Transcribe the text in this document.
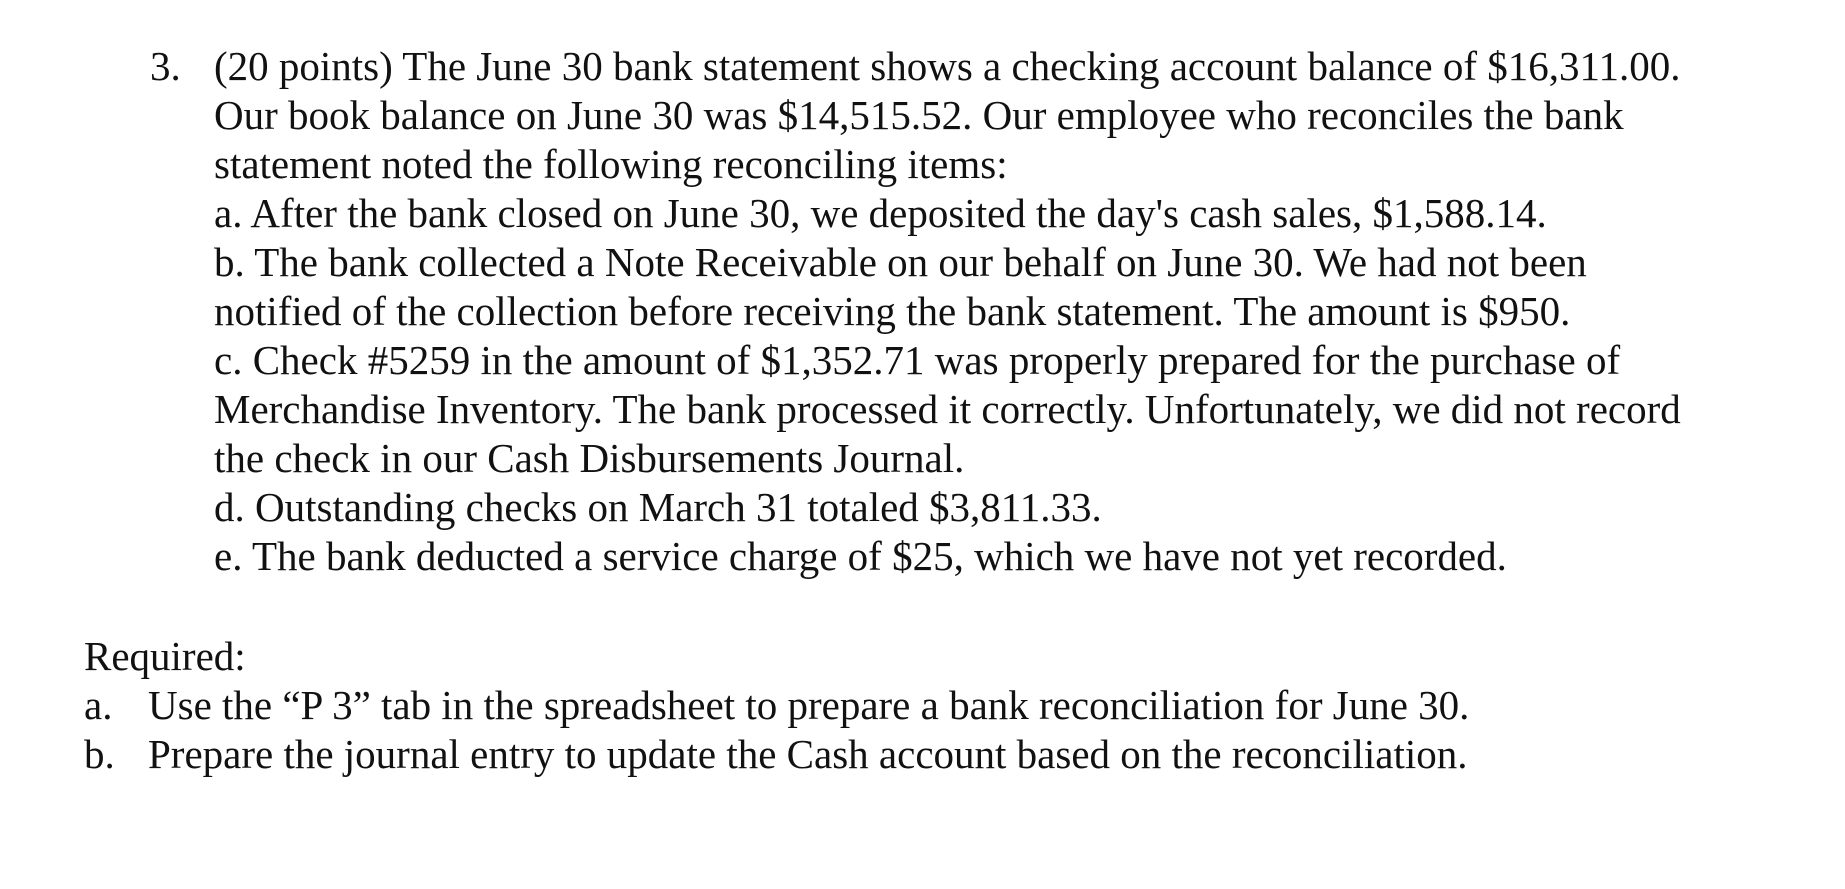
3. (20 points) The June 30 bank statement shows a checking account balance of $16,311.00.
Our book balance on June 30 was $14,515.52. Our employee who reconciles the bank
statement noted the following reconciling items:
a. After the bank closed on June 30, we deposited the day's cash sales, $1,588.14.
b. The bank collected a Note Receivable on our behalf on June 30. We had not been
notified of the collection before receiving the bank statement. The amount is $950.
c. Check #5259 in the amount of $1,352.71 was properly prepared for the purchase of
Merchandise Inventory. The bank processed it correctly. Unfortunately, we did not record
the check in our Cash Disbursements Journal.
d. Outstanding checks on March 31 totaled $3,811.33.
e. The bank deducted a service charge of $25, which we have not yet recorded.
Required:
a. Use the “P 3” tab in the spreadsheet to prepare a bank reconciliation for June 30.
b. Prepare the journal entry to update the Cash account based on the reconciliation.
